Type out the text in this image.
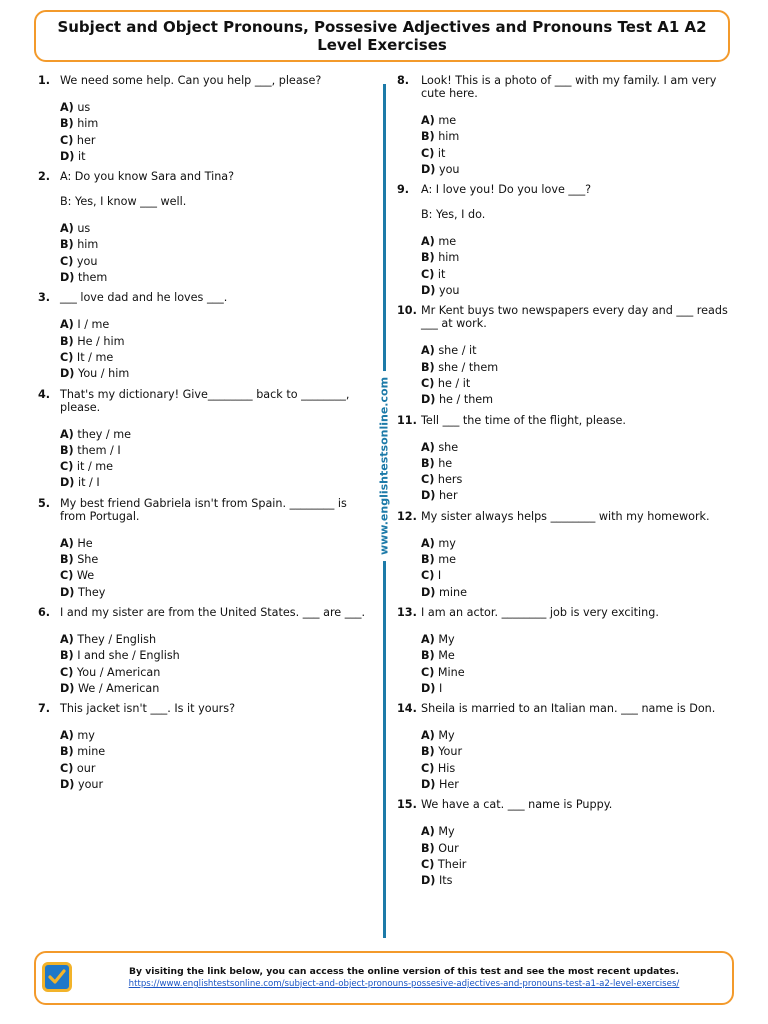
Subject and Object Pronouns, Possesive Adjectives and Pronouns Test A1 A2 Level Exercises
1. We need some help. Can you help ___, please?
A) us
B) him
C) her
D) it
2. A: Do you know Sara and Tina?
B: Yes, I know ___ well.
A) us
B) him
C) you
D) them
3. ___ love dad and he loves ___.
A) I / me
B) He / him
C) It / me
D) You / him
4. That's my dictionary! Give________ back to ________, please.
A) they / me
B) them / I
C) it / me
D) it / I
5. My best friend Gabriela isn't from Spain. ________ is from Portugal.
A) He
B) She
C) We
D) They
6. I and my sister are from the United States. ___ are ___.
A) They / English
B) I and she / English
C) You / American
D) We / American
7. This jacket isn't ___. Is it yours?
A) my
B) mine
C) our
D) your
8.	Look! This is a photo of ___ with my family. I am very cute here.
A) me
B) him
C) it
D) you
9.	A: I love you! Do you love ___?
B: Yes, I do.
A) me
B) him
C) it
D) you
10. Mr Kent buys two newspapers every day and ___ reads ___ at work.
A) she / it
B) she / them
C) he / it
D) he / them
11. Tell ___ the time of the flight, please.
A) she
B) he
C) hers
D) her
12. My sister always helps ________ with my homework.
A) my
B) me
C) I
D) mine
13. I am an actor. ________ job is very exciting.
A) My
B) Me
C) Mine
D) I
14. Sheila is married to an Italian man. ___ name is Don.
A) My
B) Your
C) His
D) Her
15. We have a cat. ___ name is Puppy.
A) My
B) Our
C) Their
D) Its
www.englishtestsonline.com
By visiting the link below, you can access the online version of this test and see the most recent updates.
https://www.englishtestsonline.com/subject-and-object-pronouns-possesive-adjectives-and-pronouns-test-a1-a2-level-exercises/
